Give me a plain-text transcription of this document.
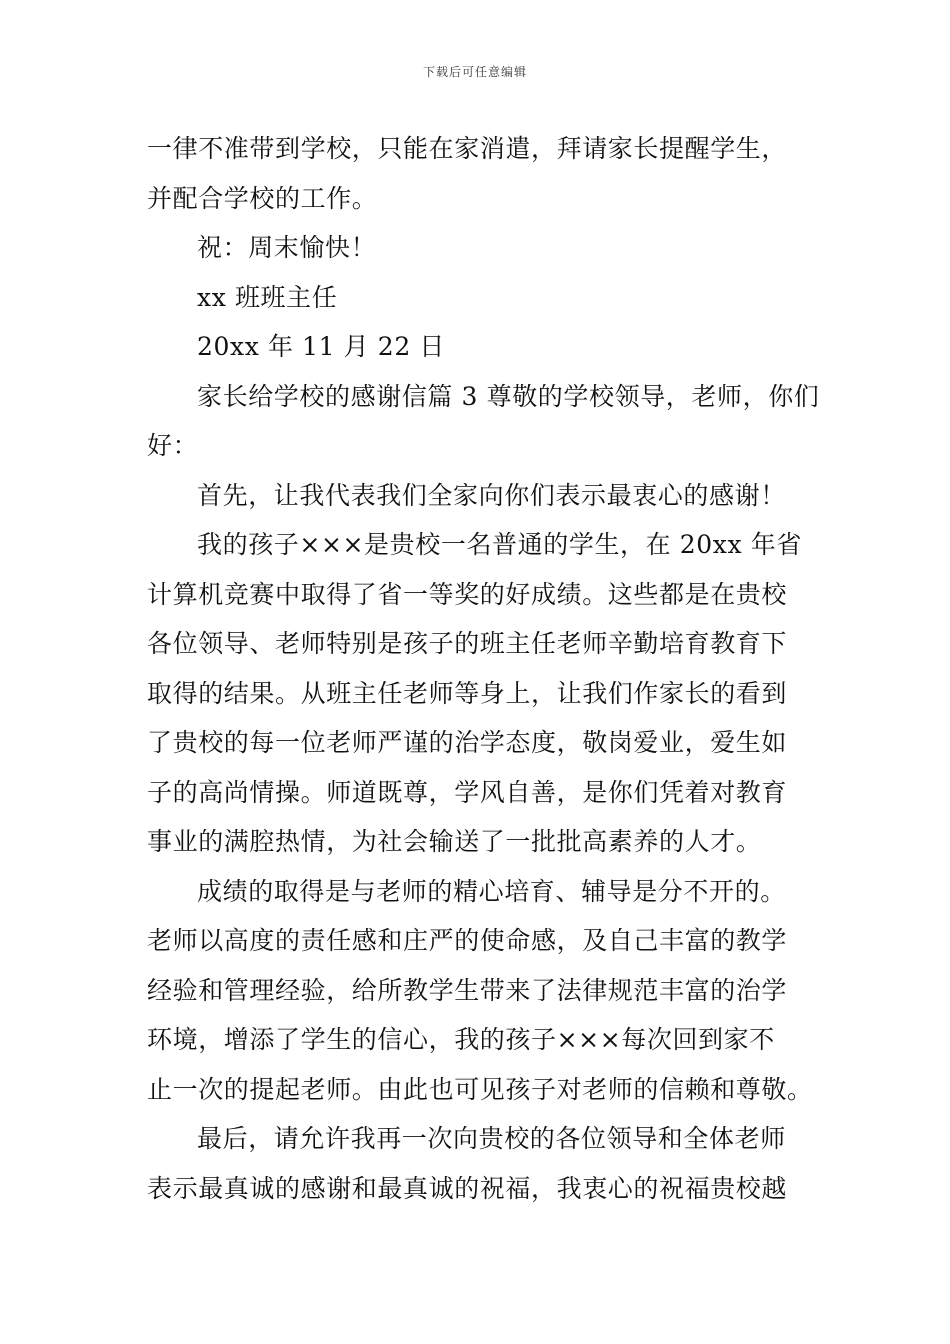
下载后可任意编辑
一律不准带到学校，只能在家消遣，拜请家长提醒学生，
并配合学校的工作。
祝：周末愉快！
xx 班班主任
20xx 年 11 月 22 日
家长给学校的感谢信篇 3 尊敬的学校领导，老师，你们
好：
首先，让我代表我们全家向你们表示最衷心的感谢！
我的孩子×××是贵校一名普通的学生，在 20xx 年省
计算机竞赛中取得了省一等奖的好成绩。这些都是在贵校
各位领导、老师特别是孩子的班主任老师辛勤培育教育下
取得的结果。从班主任老师等身上，让我们作家长的看到
了贵校的每一位老师严谨的治学态度，敬岗爱业，爱生如
子的高尚情操。师道既尊，学风自善，是你们凭着对教育
事业的满腔热情，为社会输送了一批批高素养的人才。
成绩的取得是与老师的精心培育、辅导是分不开的。
老师以高度的责任感和庄严的使命感，及自己丰富的教学
经验和管理经验，给所教学生带来了法律规范丰富的治学
环境，增添了学生的信心，我的孩子×××每次回到家不
止一次的提起老师。由此也可见孩子对老师的信赖和尊敬。
最后，请允许我再一次向贵校的各位领导和全体老师
表示最真诚的感谢和最真诚的祝福，我衷心的祝福贵校越
